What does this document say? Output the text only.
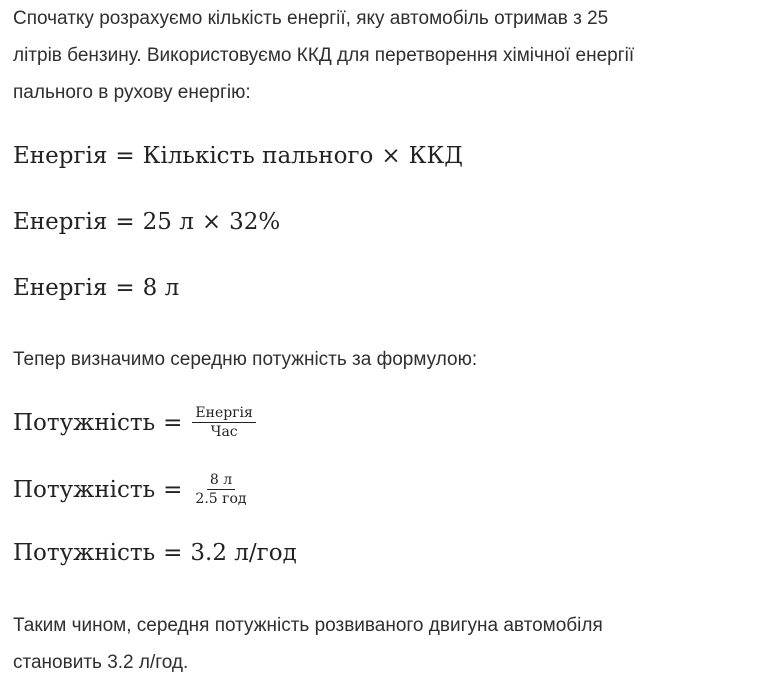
Спочатку розрахуємо кількість енергії, яку автомобіль отримав з 25
літрів бензину. Використовуємо ККД для перетворення хімічної енергії
пального в рухову енергію:

Енергія = Кількість пального × ККД
Енергія = 25 л × 32%
Енергія = 8 л

Тепер визначимо середню потужність за формулою:

Потужність = $\frac{\text{Енергія}}{\text{Час}}$
Потужність = $\frac{8 л}{\text{2.5 год}}$
Потужність = 3.2 л/год

Таким чином, середня потужність розвиваного двигуна автомобіля
становить 3.2 л/год.
